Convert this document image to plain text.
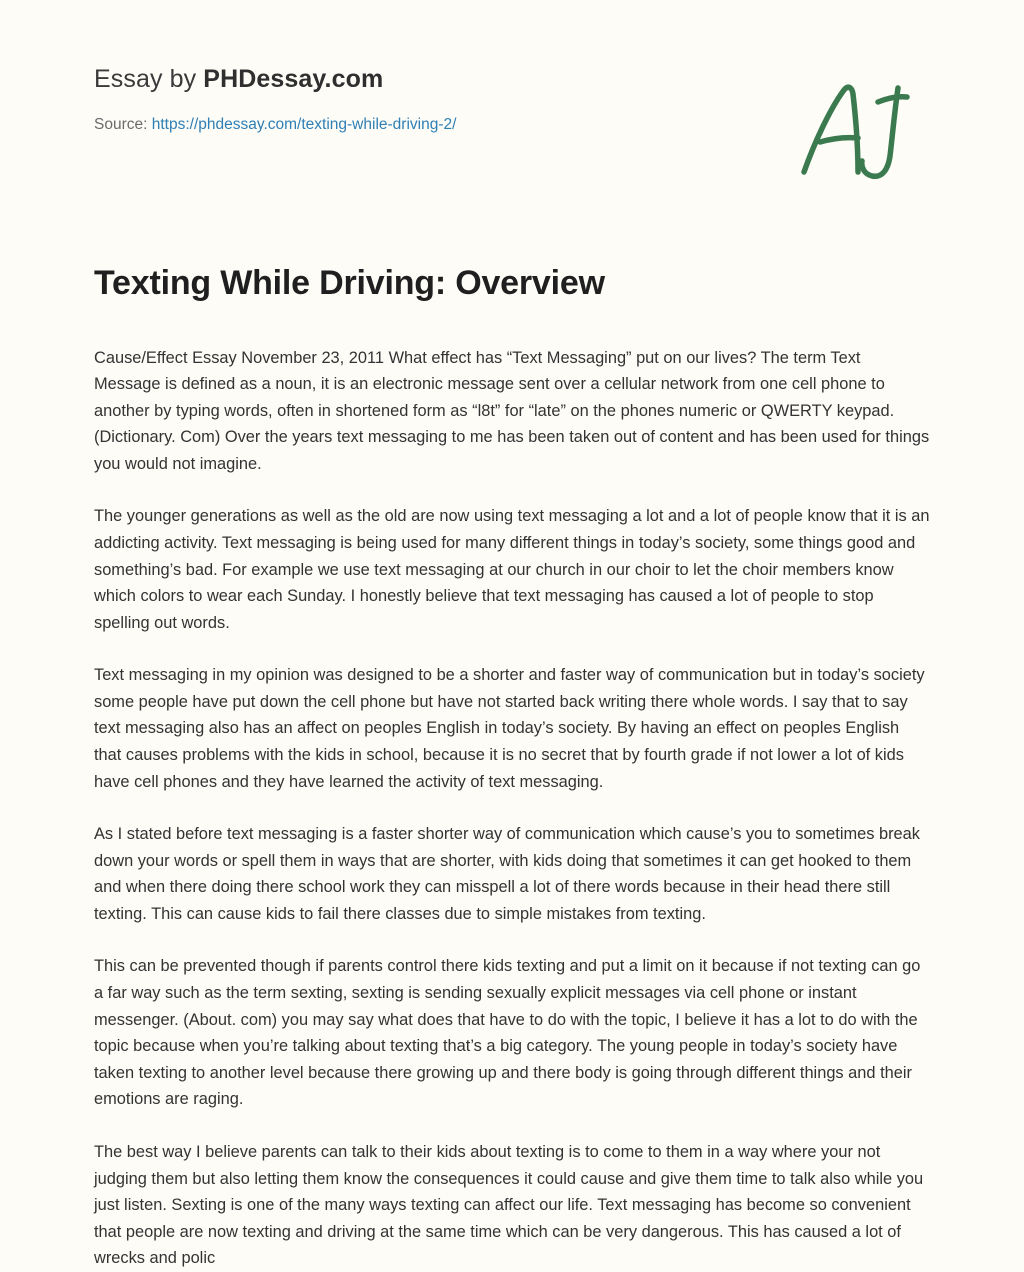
Essay by PHDessay.com
Source: https://phdessay.com/texting-while-driving-2/
Texting While Driving: Overview

Cause/Effect Essay November 23, 2011 What effect has “Text Messaging” put on our lives? The term Text Message is defined as a noun, it is an electronic message sent over a cellular network from one cell phone to another by typing words, often in shortened form as “l8t” for “late” on the phones numeric or QWERTY keypad. (Dictionary. Com) Over the years text messaging to me has been taken out of content and has been used for things you would not imagine.

The younger generations as well as the old are now using text messaging a lot and a lot of people know that it is an addicting activity. Text messaging is being used for many different things in today’s society, some things good and something’s bad. For example we use text messaging at our church in our choir to let the choir members know which colors to wear each Sunday. I honestly believe that text messaging has caused a lot of people to stop spelling out words.

Text messaging in my opinion was designed to be a shorter and faster way of communication but in today’s society some people have put down the cell phone but have not started back writing there whole words. I say that to say text messaging also has an affect on peoples English in today’s society. By having an effect on peoples English that causes problems with the kids in school, because it is no secret that by fourth grade if not lower a lot of kids have cell phones and they have learned the activity of text messaging.

As I stated before text messaging is a faster shorter way of communication which cause’s you to sometimes break down your words or spell them in ways that are shorter, with kids doing that sometimes it can get hooked to them and when there doing there school work they can misspell a lot of there words because in their head there still texting. This can cause kids to fail there classes due to simple mistakes from texting.

This can be prevented though if parents control there kids texting and put a limit on it because if not texting can go a far way such as the term sexting, sexting is sending sexually explicit messages via cell phone or instant messenger. (About. com) you may say what does that have to do with the topic, I believe it has a lot to do with the topic because when you’re talking about texting that’s a big category. The young people in today’s society have taken texting to another level because there growing up and there body is going through different things and their emotions are raging.

The best way I believe parents can talk to their kids about texting is to come to them in a way where your not judging them but also letting them know the consequences it could cause and give them time to talk also while you just listen. Sexting is one of the many ways texting can affect our life. Text messaging has become so convenient that people are now texting and driving at the same time which can be very dangerous. This has caused a lot of wrecks and polic
